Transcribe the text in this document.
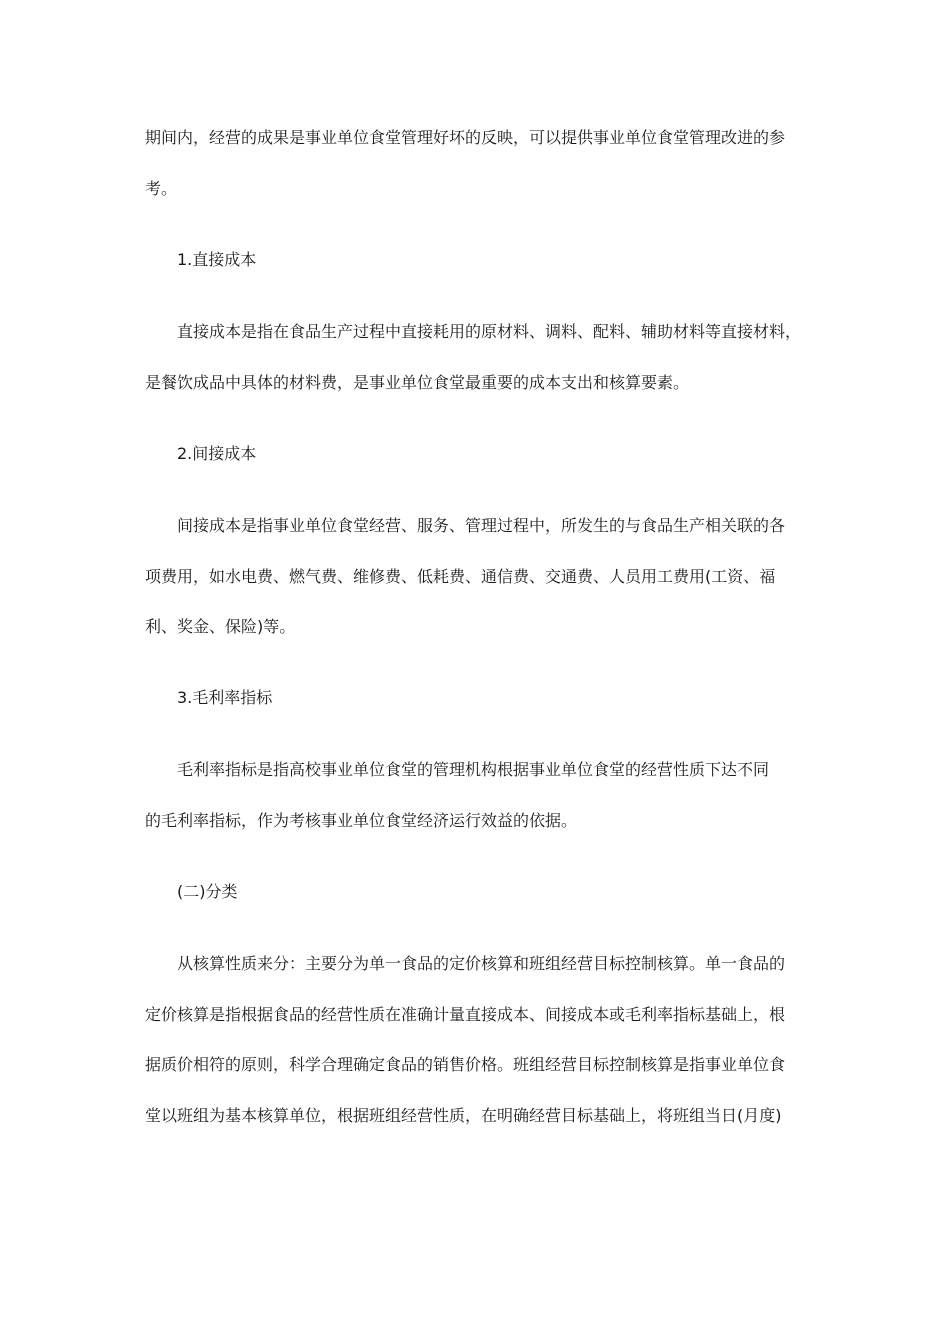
期间内，经营的成果是事业单位食堂管理好坏的反映，可以提供事业单位食堂管理改进的参
考。
1.直接成本
直接成本是指在食品生产过程中直接耗用的原材料、调料、配料、辅助材料等直接材料，
是餐饮成品中具体的材料费，是事业单位食堂最重要的成本支出和核算要素。
2.间接成本
间接成本是指事业单位食堂经营、服务、管理过程中，所发生的与食品生产相关联的各
项费用，如水电费、燃气费、维修费、低耗费、通信费、交通费、人员用工费用(工资、福
利、奖金、保险)等。
3.毛利率指标
毛利率指标是指高校事业单位食堂的管理机构根据事业单位食堂的经营性质下达不同
的毛利率指标，作为考核事业单位食堂经济运行效益的依据。
(二)分类
从核算性质来分：主要分为单一食品的定价核算和班组经营目标控制核算。单一食品的
定价核算是指根据食品的经营性质在准确计量直接成本、间接成本或毛利率指标基础上，根
据质价相符的原则，科学合理确定食品的销售价格。班组经营目标控制核算是指事业单位食
堂以班组为基本核算单位，根据班组经营性质，在明确经营目标基础上，将班组当日(月度)
